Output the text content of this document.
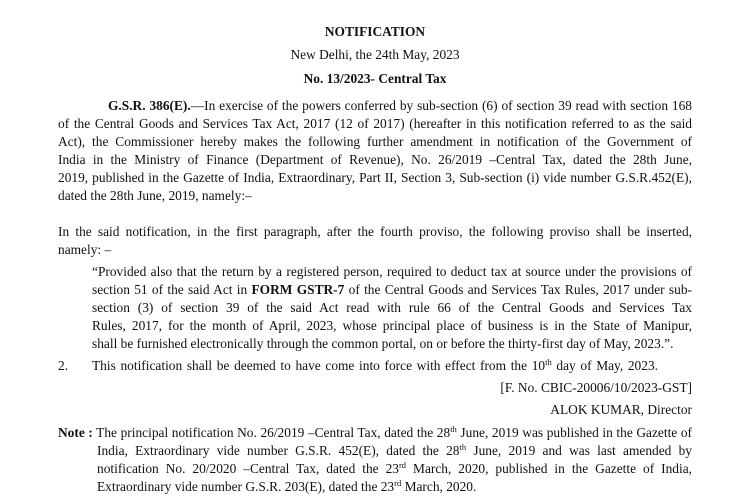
NOTIFICATION
New Delhi, the 24th May, 2023
No. 13/2023- Central Tax
G.S.R. 386(E).—In exercise of the powers conferred by sub-section (6) of section 39 read with section 168
of the Central Goods and Services Tax Act, 2017 (12 of 2017) (hereafter in this notification referred to as the said
Act), the Commissioner hereby makes the following further amendment in notification of the Government of
India in the Ministry of Finance (Department of Revenue), No. 26/2019 –Central Tax, dated the 28th June,
2019, published in the Gazette of India, Extraordinary, Part II, Section 3, Sub-section (i) vide number G.S.R.452(E),
dated the 28th June, 2019, namely:–
In the said notification, in the first paragraph, after the fourth proviso, the following proviso shall be inserted,
namely: –
“Provided also that the return by a registered person, required to deduct tax at source under the provisions of
section 51 of the said Act in FORM GSTR-7 of the Central Goods and Services Tax Rules, 2017 under sub-
section (3) of section 39 of the said Act read with rule 66 of the Central Goods and Services Tax
Rules, 2017, for the month of April, 2023, whose principal place of business is in the State of Manipur,
shall be furnished electronically through the common portal, on or before the thirty-first day of May, 2023.”.
2. This notification shall be deemed to have come into force with effect from the 10th day of May, 2023.
[F. No. CBIC-20006/10/2023-GST]
ALOK KUMAR, Director
Note : The principal notification No. 26/2019 –Central Tax, dated the 28th June, 2019 was published in the Gazette of
India, Extraordinary vide number G.S.R. 452(E), dated the 28th June, 2019 and was last amended by
notification No. 20/2020 –Central Tax, dated the 23rd March, 2020, published in the Gazette of India,
Extraordinary vide number G.S.R. 203(E), dated the 23rd March, 2020.
